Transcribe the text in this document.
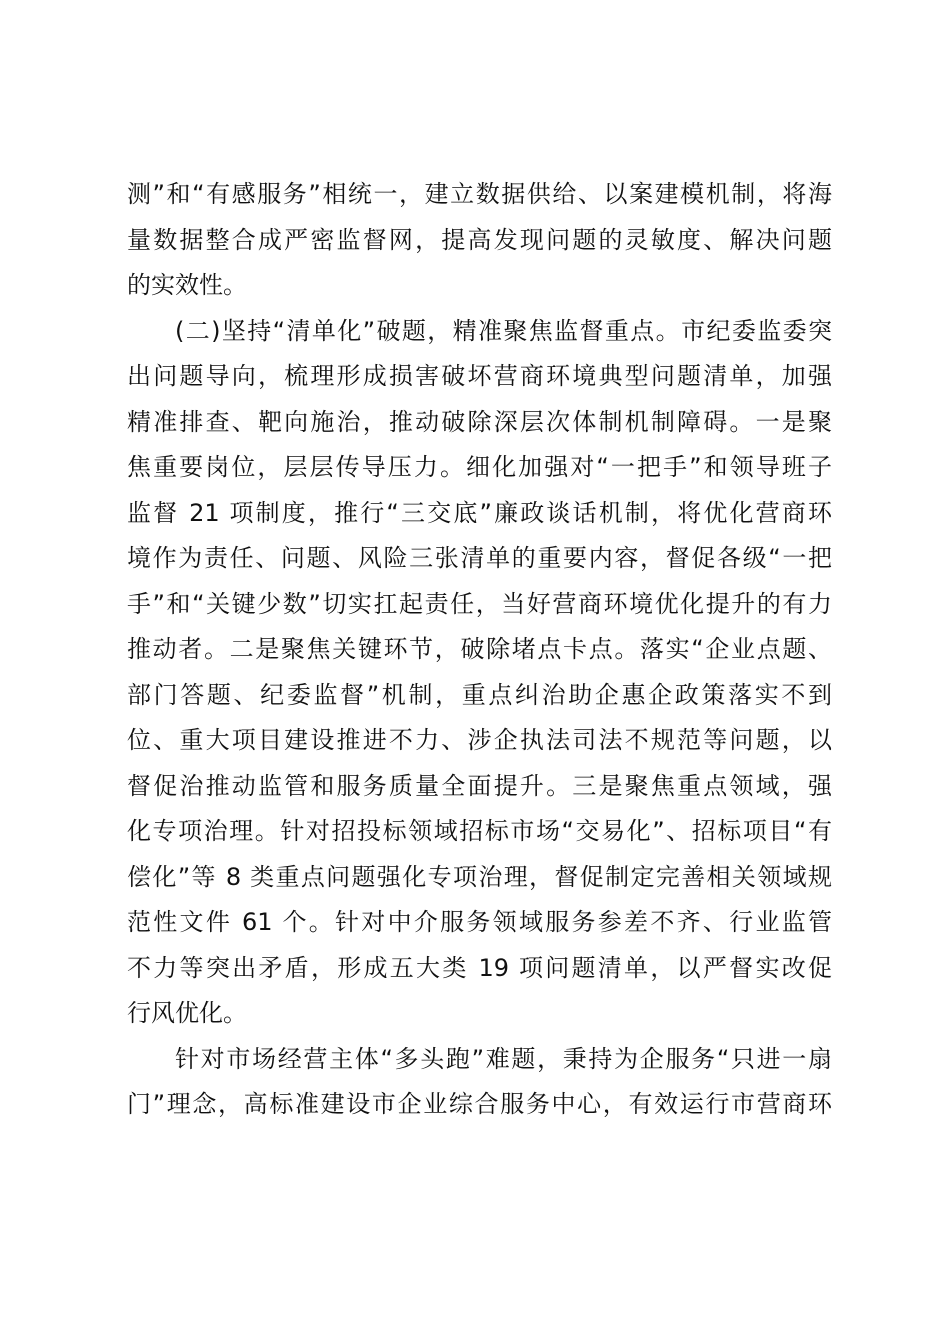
测”和“有感服务”相统一，建立数据供给、以案建模机制，将海
量数据整合成严密监督网，提高发现问题的灵敏度、解决问题
的实效性。
(二)坚持“清单化”破题，精准聚焦监督重点。市纪委监委突
出问题导向，梳理形成损害破坏营商环境典型问题清单，加强
精准排查、靶向施治，推动破除深层次体制机制障碍。一是聚
焦重要岗位，层层传导压力。细化加强对“一把手”和领导班子
监督 21 项制度，推行“三交底”廉政谈话机制，将优化营商环
境作为责任、问题、风险三张清单的重要内容，督促各级“一把
手”和“关键少数”切实扛起责任，当好营商环境优化提升的有力
推动者。二是聚焦关键环节，破除堵点卡点。落实“企业点题、
部门答题、纪委监督”机制，重点纠治助企惠企政策落实不到
位、重大项目建设推进不力、涉企执法司法不规范等问题，以
督促治推动监管和服务质量全面提升。三是聚焦重点领域，强
化专项治理。针对招投标领域招标市场“交易化”、招标项目“有
偿化”等 8 类重点问题强化专项治理，督促制定完善相关领域规
范性文件 61 个。针对中介服务领域服务参差不齐、行业监管
不力等突出矛盾，形成五大类 19 项问题清单，以严督实改促
行风优化。
针对市场经营主体“多头跑”难题，秉持为企服务“只进一扇
门”理念，高标准建设市企业综合服务中心，有效运行市营商环
